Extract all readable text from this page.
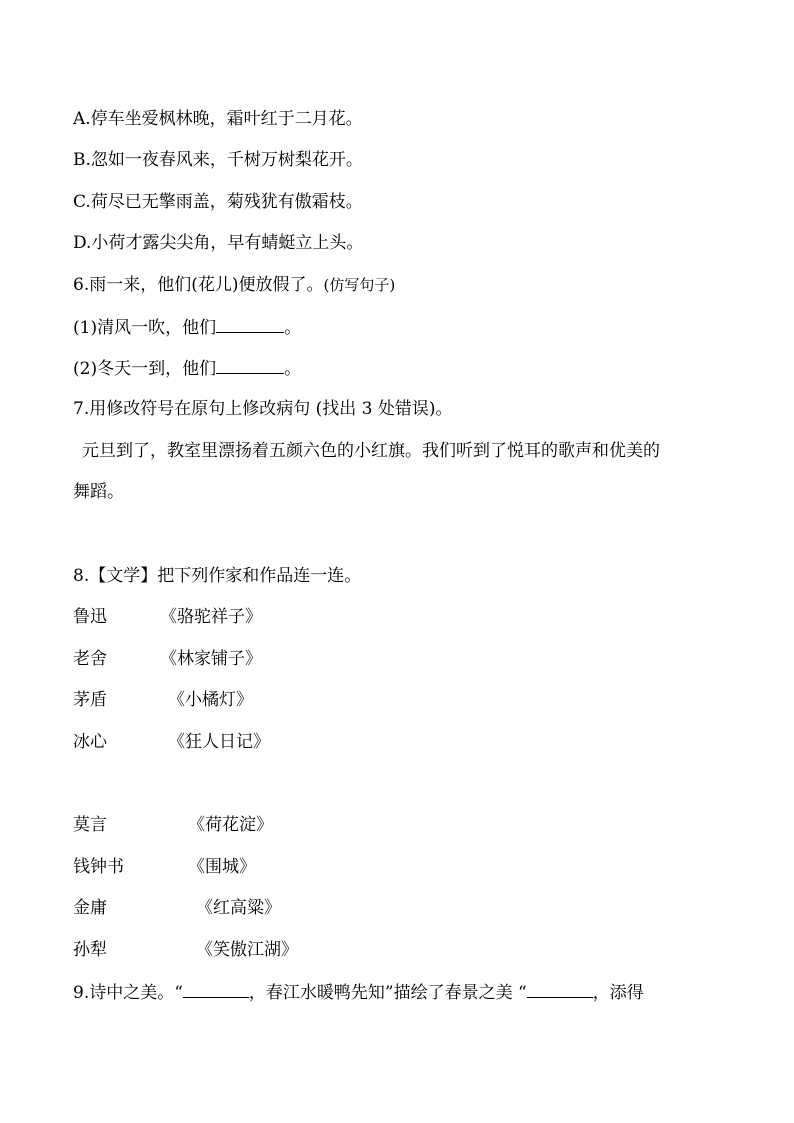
A.停车坐爱枫林晚，霜叶红于二月花。
B.忽如一夜春风来，千树万树梨花开。
C.荷尽已无擎雨盖，菊残犹有傲霜枝。
D.小荷才露尖尖角，早有蜻蜓立上头。
6.雨一来，他们(花儿)便放假了。(仿写句子)
(1)清风一吹，他们	。
(2)冬天一到，他们	。
7.用修改符号在原句上修改病句 (找出 3 处错误)。
元旦到了，教室里漂扬着五颜六色的小红旗。我们听到了悦耳的歌声和优美的
舞蹈。
8.【文学】把下列作家和作品连一连。
鲁迅	《骆驼祥子》
老舍	《林家铺子》
茅盾	《小橘灯》
冰心	《狂人日记》
莫言	《荷花淀》
钱钟书	《围城》
金庸	《红高粱》
孙犁	《笑傲江湖》
9.诗中之美。“	，春江水暖鸭先知”描绘了春景之美 “	，添得
